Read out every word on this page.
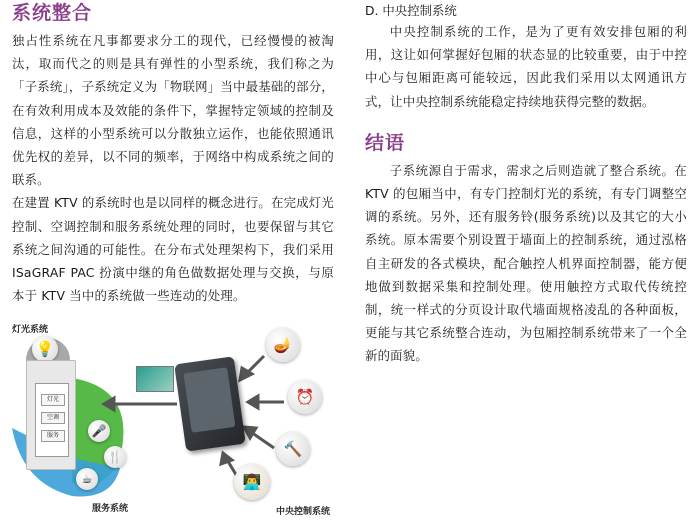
系统整合

独占性系统在凡事都要求分工的现代，已经慢慢的被淘汰，取而代之的则是具有弹性的小型系统，我们称之为「子系统」，子系统定义为「物联网」当中最基础的部分，在有效利用成本及效能的条件下，掌握特定领域的控制及信息，这样的小型系统可以分散独立运作，也能依照通讯优先权的差异，以不同的频率，于网络中构成系统之间的联系。

在建置 KTV 的系统时也是以同样的概念进行。在完成灯光控制、空调控制和服务系统处理的同时，也要保留与其它系统之间沟通的可能性。在分布式处理架构下，我们采用 ISaGRAF PAC 扮演中继的角色做数据处理与交换，与原本于 KTV 当中的系统做一些连动的处理。

灯光系统
💡
灯光
空调
服务	🎤
🍴
☕
🪔
⏰
🔨
👨‍💻
服务系统	中央控制系统

D. 中央控制系统

中央控制系统的工作，是为了更有效安排包厢的利用，这让如何掌握好包厢的状态显的比较重要，由于中控中心与包厢距离可能较远，因此我们采用以太网通讯方式，让中央控制系统能稳定持续地获得完整的数据。

结语

子系统源自于需求，需求之后则造就了整合系统。在 KTV 的包厢当中，有专门控制灯光的系统，有专门调整空调的系统。另外，还有服务铃(服务系统)以及其它的大小系统。原本需要个别设置于墙面上的控制系统，通过泓格自主研发的各式模块，配合触控人机界面控制器，能方便地做到数据采集和控制处理。使用触控方式取代传统控制，统一样式的分页设计取代墙面规格凌乱的各种面板，更能与其它系统整合连动，为包厢控制系统带来了一个全新的面貌。
